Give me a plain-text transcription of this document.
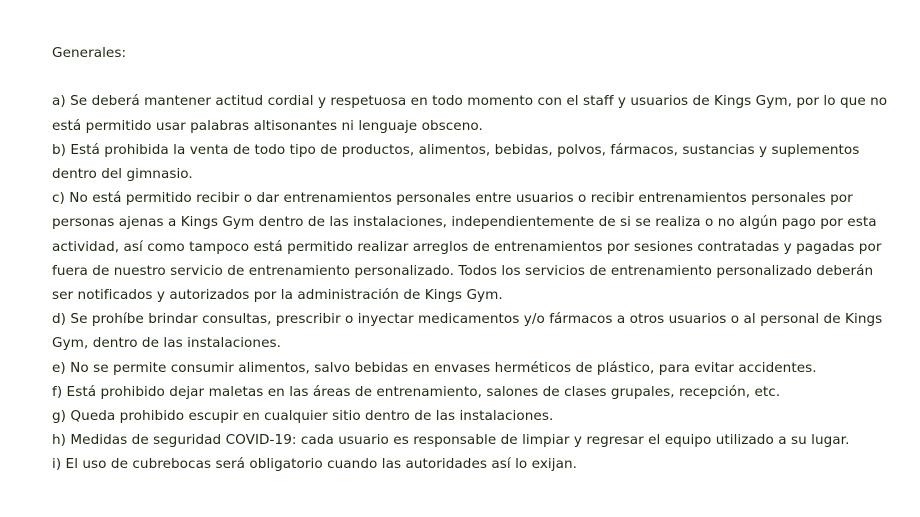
Generales:

a) Se deberá mantener actitud cordial y respetuosa en todo momento con el staff y usuarios de Kings Gym, por lo que no está permitido usar palabras altisonantes ni lenguaje obsceno.

b) Está prohibida la venta de todo tipo de productos, alimentos, bebidas, polvos, fármacos, sustancias y suplementos dentro del gimnasio.

c) No está permitido recibir o dar entrenamientos personales entre usuarios o recibir entrenamientos personales por personas ajenas a Kings Gym dentro de las instalaciones, independientemente de si se realiza o no algún pago por esta actividad, así como tampoco está permitido realizar arreglos de entrenamientos por sesiones contratadas y pagadas por fuera de nuestro servicio de entrenamiento personalizado. Todos los servicios de entrenamiento personalizado deberán ser notificados y autorizados por la administración de Kings Gym.

d) Se prohíbe brindar consultas, prescribir o inyectar medicamentos y/o fármacos a otros usuarios o al personal de Kings Gym, dentro de las instalaciones.

e) No se permite consumir alimentos, salvo bebidas en envases herméticos de plástico, para evitar accidentes.

f) Está prohibido dejar maletas en las áreas de entrenamiento, salones de clases grupales, recepción, etc.

g) Queda prohibido escupir en cualquier sitio dentro de las instalaciones.

h) Medidas de seguridad COVID-19: cada usuario es responsable de limpiar y regresar el equipo utilizado a su lugar.

i) El uso de cubrebocas será obligatorio cuando las autoridades así lo exijan.
